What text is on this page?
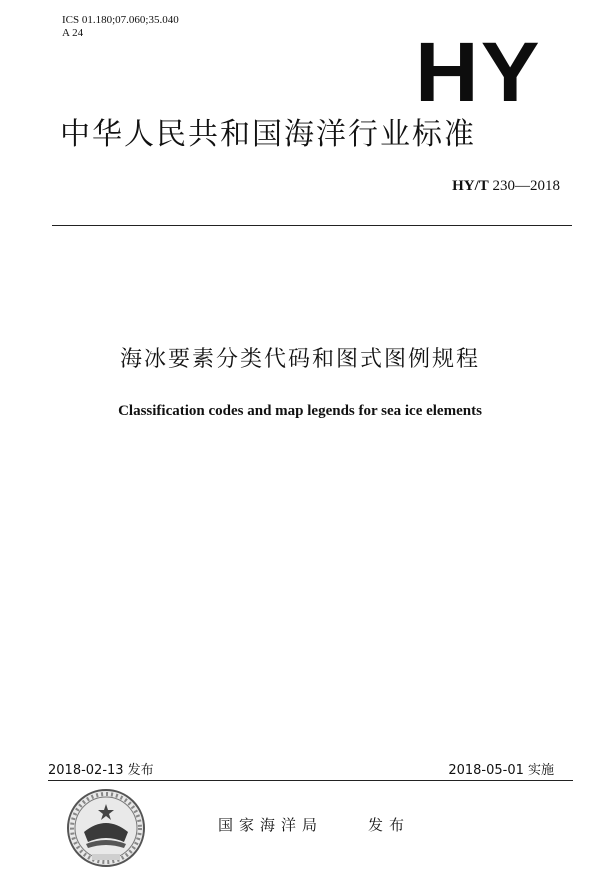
ICS 01.180;07.060;35.040
A 24	HY
中华人民共和国海洋行业标准
HY/T 230—2018
海冰要素分类代码和图式图例规程
Classification codes and map legends for sea ice elements
2018-02-13 发布	2018-05-01 实施
国家海洋局	发布
